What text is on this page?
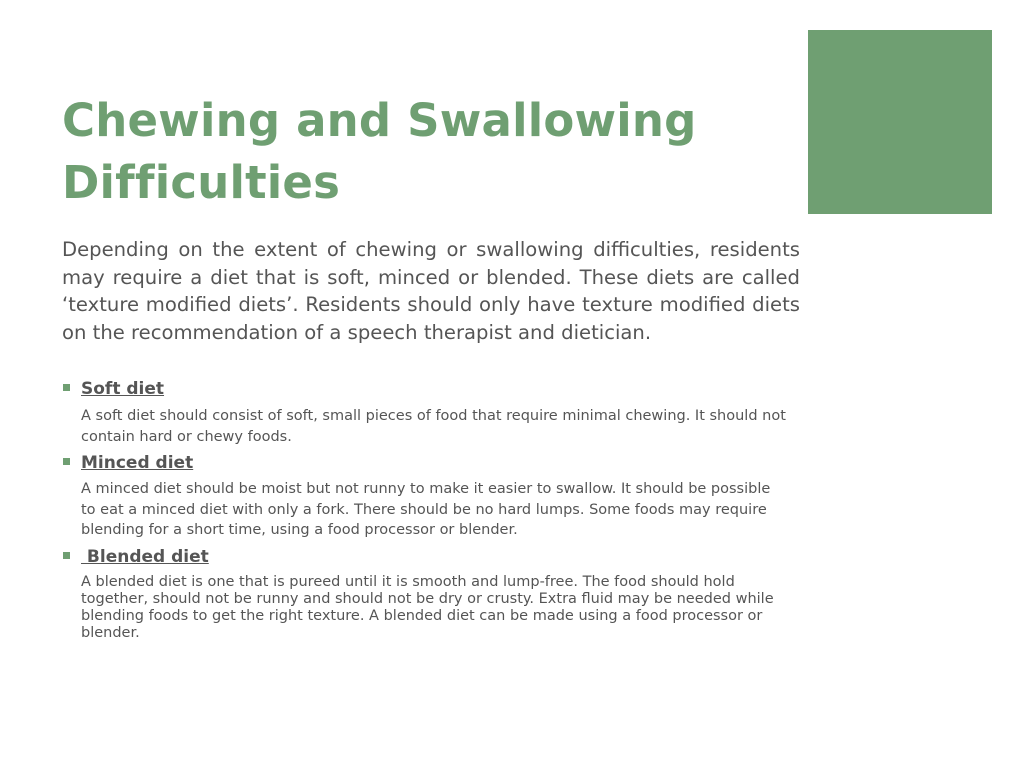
Chewing and Swallowing Difficulties

Depending on the extent of chewing or swallowing difficulties, residents may require a diet that is soft, minced or blended. These diets are called ‘texture modified diets’. Residents should only have texture modified diets on the recommendation of a speech therapist and dietician.

Soft diet

A soft diet should consist of soft, small pieces of food that require minimal chewing. It should not contain hard or chewy foods.

Minced diet

A minced diet should be moist but not runny to make it easier to swallow. It should be possible to eat a minced diet with only a fork. There should be no hard lumps. Some foods may require blending for a short time, using a food processor or blender.

Blended diet

A blended diet is one that is pureed until it is smooth and lump-free. The food should hold together, should not be runny and should not be dry or crusty. Extra fluid may be needed while blending foods to get the right texture. A blended diet can be made using a food processor or blender.
